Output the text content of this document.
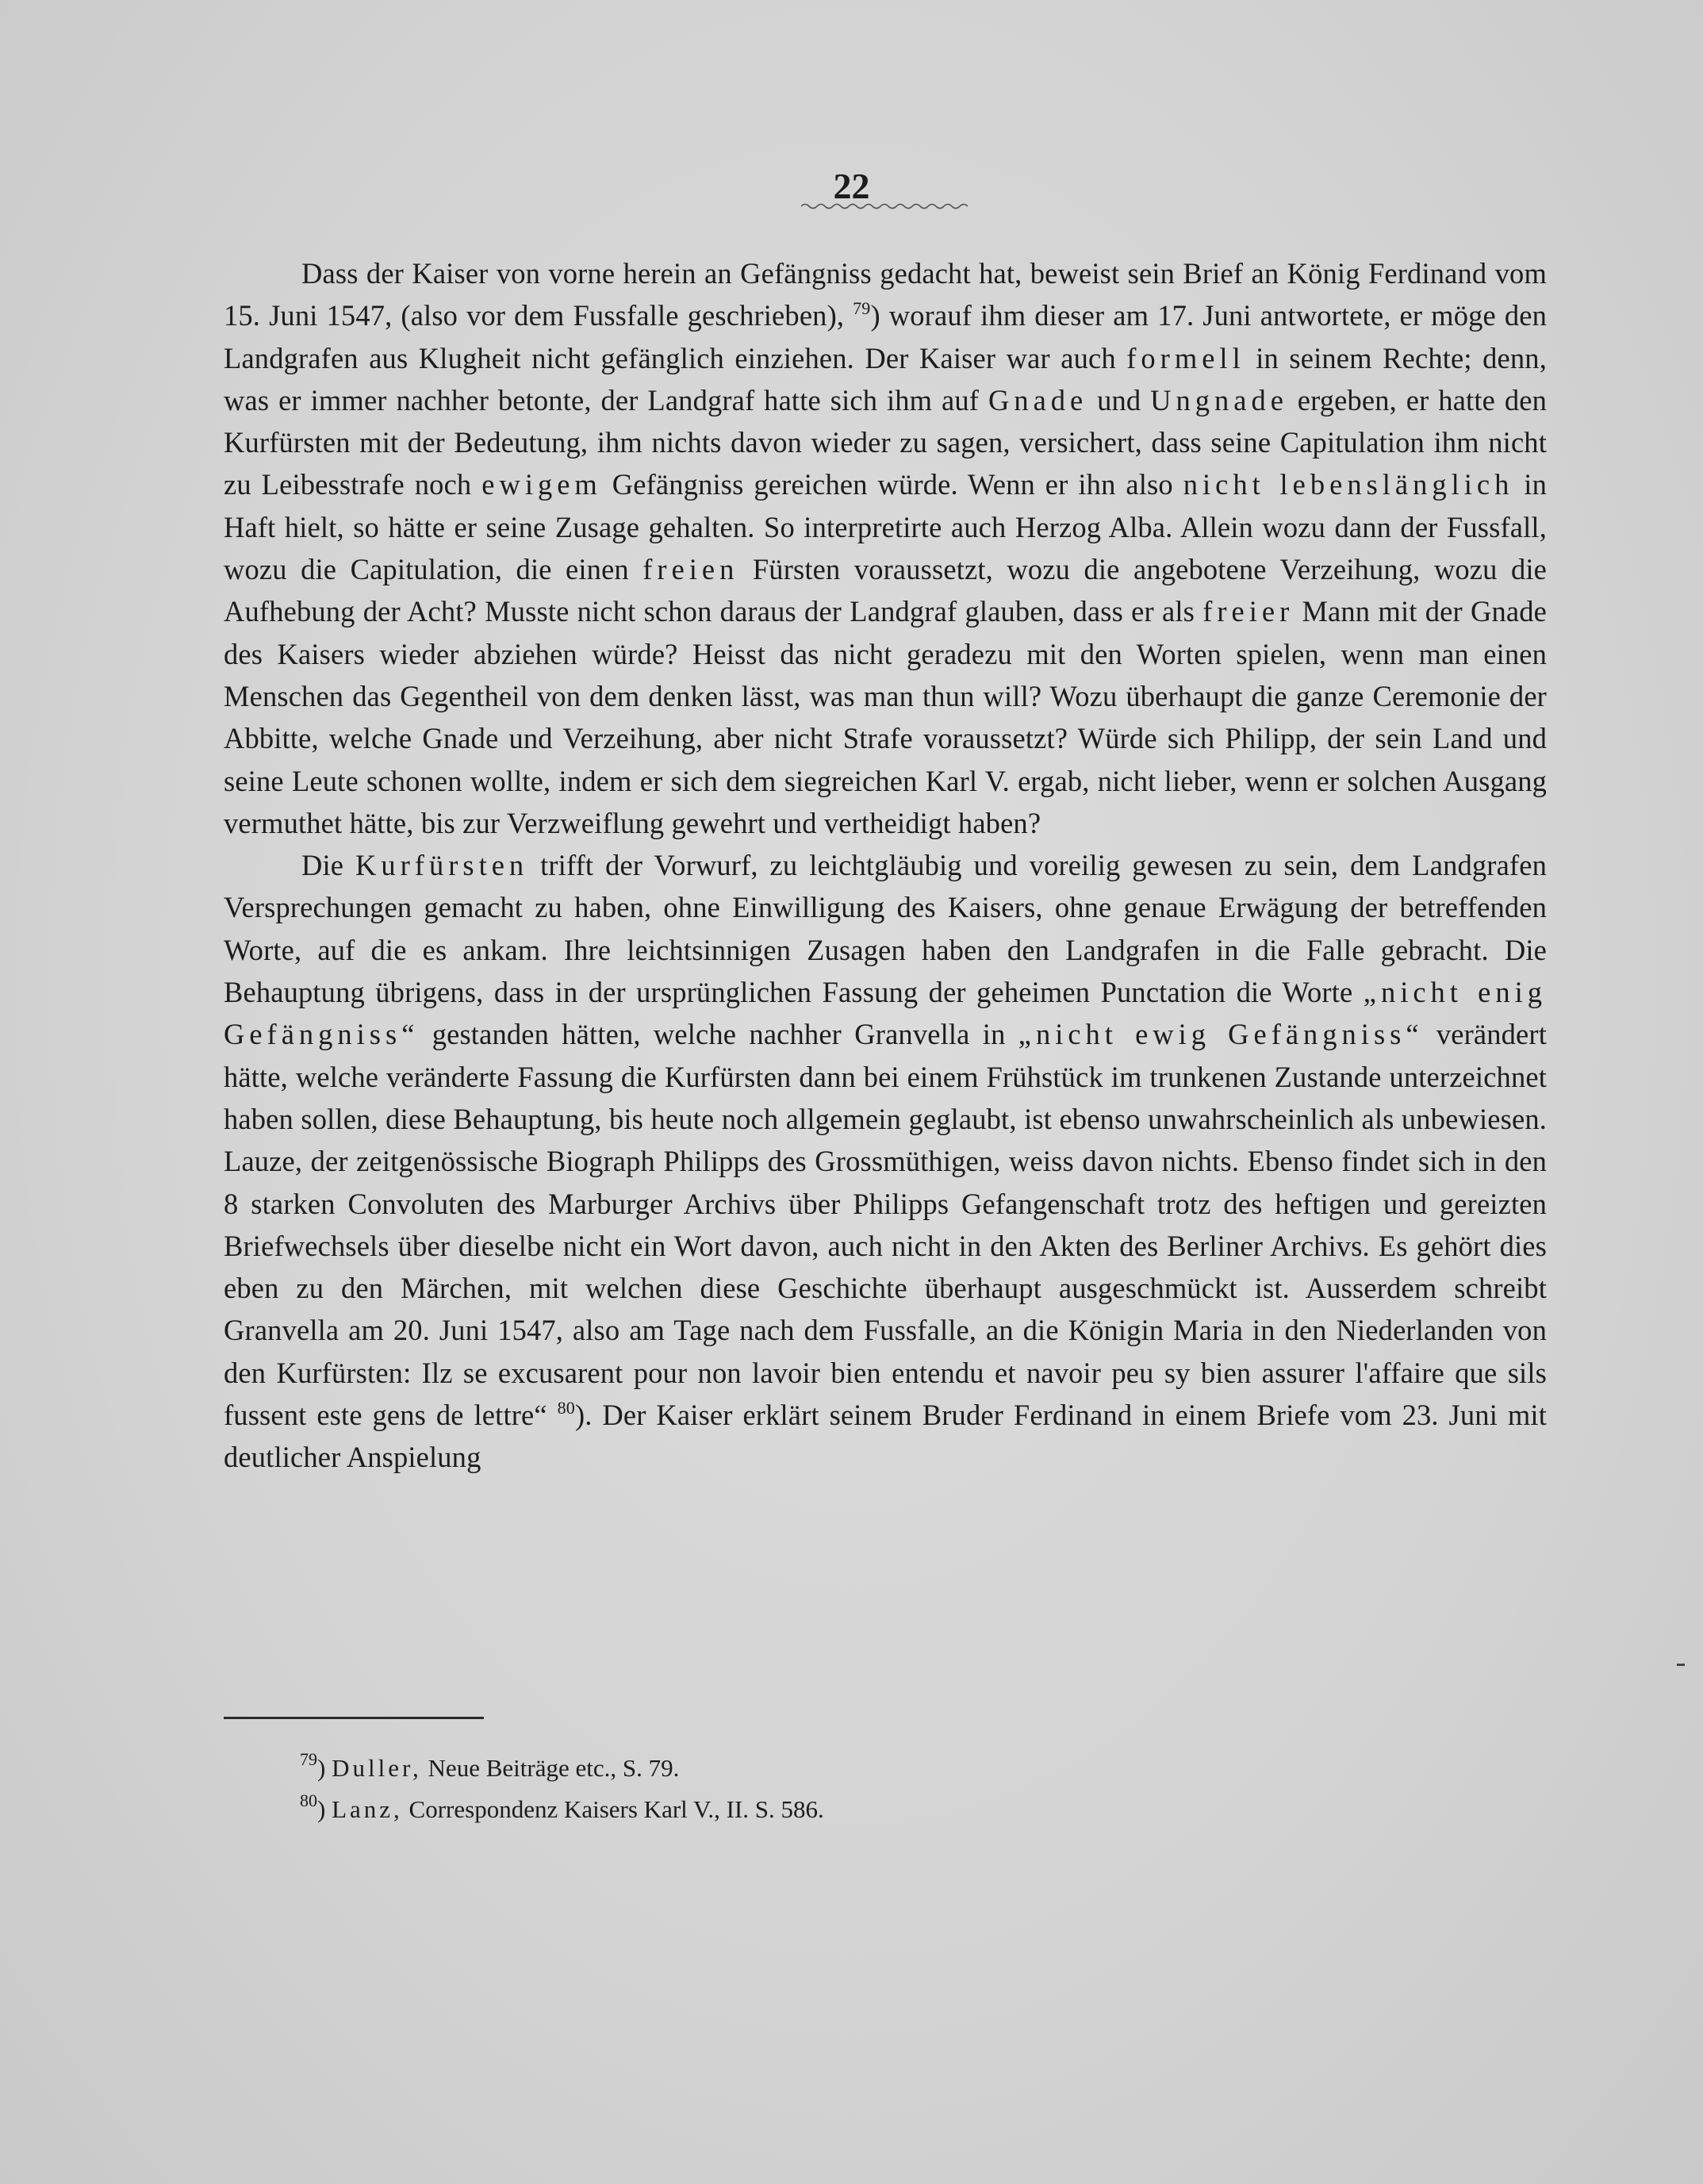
22

Dass der Kaiser von vorne herein an Gefängniss gedacht hat, beweist sein Brief an König Ferdinand vom 15. Juni 1547, (also vor dem Fussfalle geschrieben), $^{79}$) worauf ihm dieser am 17. Juni antwortete, er möge den Landgrafen aus Klugheit nicht gefänglich einziehen. Der Kaiser war auch formell in seinem Rechte; denn, was er immer nachher betonte, der Landgraf hatte sich ihm auf Gnade und Ungnade ergeben, er hatte den Kurfürsten mit der Bedeutung, ihm nichts davon wieder zu sagen, versichert, dass seine Capitulation ihm nicht zu Leibesstrafe noch ewigem Gefängniss gereichen würde. Wenn er ihn also nicht lebenslänglich in Haft hielt, so hätte er seine Zusage gehalten. So interpretirte auch Herzog Alba. Allein wozu dann der Fussfall, wozu die Capitulation, die einen freien Fürsten voraussetzt, wozu die angebotene Verzeihung, wozu die Aufhebung der Acht? Musste nicht schon daraus der Landgraf glauben, dass er als freier Mann mit der Gnade des Kaisers wieder abziehen würde? Heisst das nicht geradezu mit den Worten spielen, wenn man einen Menschen das Gegentheil von dem denken lässt, was man thun will? Wozu überhaupt die ganze Ceremonie der Abbitte, welche Gnade und Verzeihung, aber nicht Strafe voraussetzt? Würde sich Philipp, der sein Land und seine Leute schonen wollte, indem er sich dem siegreichen Karl V. ergab, nicht lieber, wenn er solchen Ausgang vermuthet hätte, bis zur Verzweiflung gewehrt und vertheidigt haben?

Die Kurfürsten trifft der Vorwurf, zu leichtgläubig und voreilig gewesen zu sein, dem Landgrafen Versprechungen gemacht zu haben, ohne Einwilligung des Kaisers, ohne genaue Erwägung der betreffenden Worte, auf die es ankam. Ihre leichtsinnigen Zusagen haben den Landgrafen in die Falle gebracht. Die Behauptung übrigens, dass in der ursprünglichen Fassung der geheimen Punctation die Worte „nicht enig Gefängniss“ gestanden hätten, welche nachher Granvella in „nicht ewig Gefängniss“ verändert hätte, welche veränderte Fassung die Kurfürsten dann bei einem Frühstück im trunkenen Zustande unterzeichnet haben sollen, diese Behauptung, bis heute noch allgemein geglaubt, ist ebenso unwahrscheinlich als unbewiesen. Lauze, der zeitgenössische Biograph Philipps des Grossmüthigen, weiss davon nichts. Ebenso findet sich in den 8 starken Convoluten des Marburger Archivs über Philipps Gefangenschaft trotz des heftigen und gereizten Briefwechsels über dieselbe nicht ein Wort davon, auch nicht in den Akten des Berliner Archivs. Es gehört dies eben zu den Märchen, mit welchen diese Geschichte überhaupt ausgeschmückt ist. Ausserdem schreibt Granvella am 20. Juni 1547, also am Tage nach dem Fussfalle, an die Königin Maria in den Niederlanden von den Kurfürsten: Ilz se excusarent pour non lavoir bien entendu et navoir peu sy bien assurer l'affaire que sils fussent este gens de lettre“ $^{80}$). Der Kaiser erklärt seinem Bruder Ferdinand in einem Briefe vom 23. Juni mit deutlicher Anspielung

$^{79}$) Duller, Neue Beiträge etc., S. 79.
$^{80}$) Lanz, Correspondenz Kaisers Karl V., II. S. 586.
